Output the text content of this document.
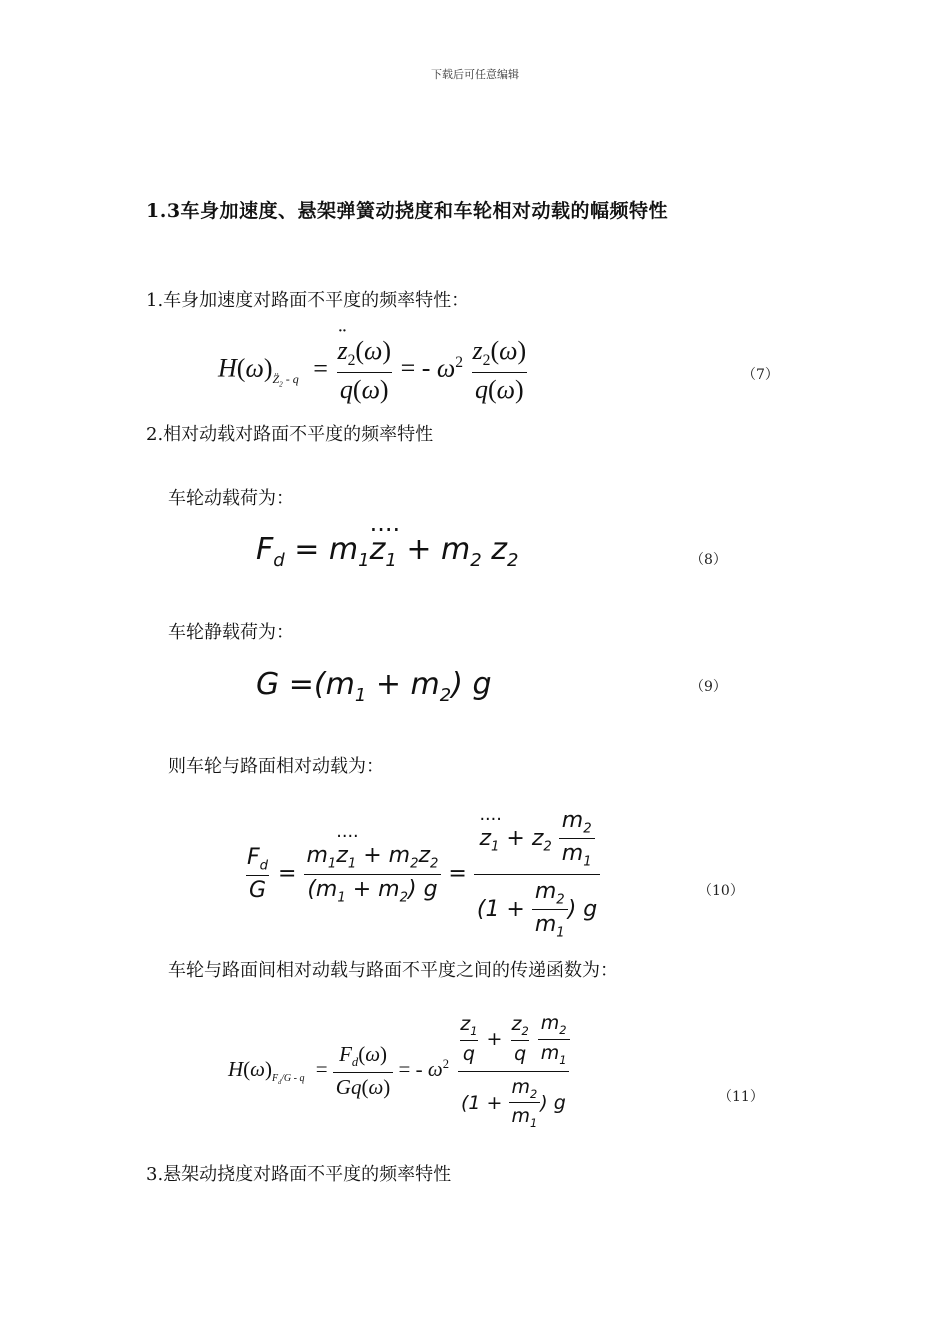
下载后可任意编辑
1.3车身加速度、悬架弹簧动挠度和车轮相对动载的幅频特性
1.车身加速度对路面不平度的频率特性：
$H(\omega)_{Z̈_2 - q}$ = ¨ $\frac{z_2(\omega)}{q(\omega)}$ = - $\omega^2 \frac{z_2(\omega)}{q(\omega)}$	（7）
2.相对动载对路面不平度的频率特性
车轮动载荷为：
$F_d = m_1\cdot\cdot\cdot\cdot z_1 + m_2$ $z_2$	（8）
车轮静载荷为：
$G =(m_1 + m_2)$ g	（9）
则车轮与路面相对动载为：
$\frac{F_d}{G} = \frac{m_1\cdot\cdot\cdot\cdot z_1 + m_2z_2}{(m_1 + m_2) g}$ = ···· $\frac{z_1 + z_2 \frac{m_2}{m_1}}{(1 + \frac{m_2}{m_1} ) g}$	（10）
车轮与路面间相对动载与路面不平度之间的传递函数为：
$H(\omega)_{F_d/G - q} = \frac{F_d(\omega)}{Gq(\omega)}$ = - $\omega^2 \frac{z_1}{q} + \frac{z_2}{q}$
$\frac{m_2}{m_1}$
($1 + \frac{m_2}{m_1}$ ) g	（11）
3.悬架动挠度对路面不平度的频率特性
